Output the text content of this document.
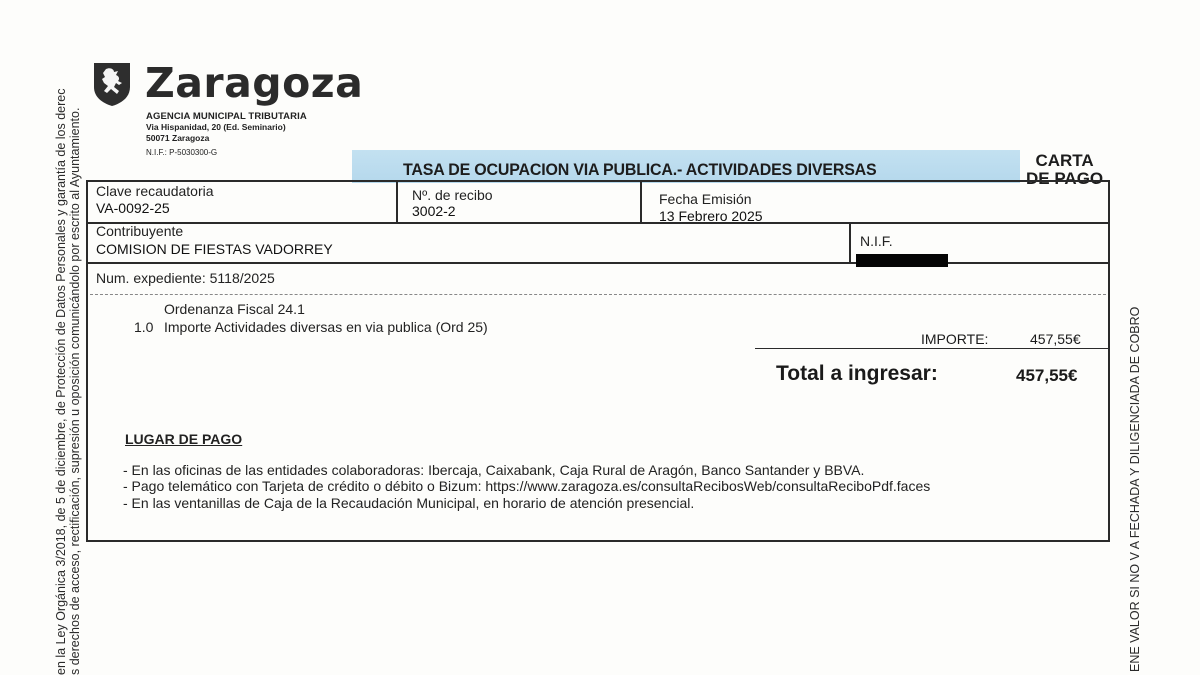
en la Ley Orgánica 3/2018, de 5 de diciembre, de Protección de Datos Personales y garantía de los derec s derechos de acceso, rectificación, supresión u oposición comunicándolo por escrito al Ayuntamiento.	ENE VALOR SI NO V A FECHADA Y DILIGENCIADA DE COBRO
Zaragoza
AGENCIA MUNICIPAL TRIBUTARIA
Via Hispanidad, 20 (Ed. Seminario)
50071 Zaragoza
N.I.F.: P-5030300-G
TASA DE OCUPACION VIA PUBLICA.- ACTIVIDADES DIVERSAS	CARTA
DE PAGO
Clave recaudatoria
VA-0092-25
Nº. de recibo
3002-2
Fecha Emisión
13 Febrero 2025
Contribuyente
COMISION DE FIESTAS VADORREY	N.I.F.
Num. expediente: 5118/2025
Ordenanza Fiscal 24.1
1.0 Importe Actividades diversas en via publica (Ord 25)
IMPORTE:	457,55€
Total a ingresar:	457,55€
LUGAR DE PAGO
- En las oficinas de las entidades colaboradoras: Ibercaja, Caixabank, Caja Rural de Aragón, Banco Santander y BBVA.
- Pago telemático con Tarjeta de crédito o débito o Bizum: https://www.zaragoza.es/consultaRecibosWeb/consultaReciboPdf.faces
- En las ventanillas de Caja de la Recaudación Municipal, en horario de atención presencial.
